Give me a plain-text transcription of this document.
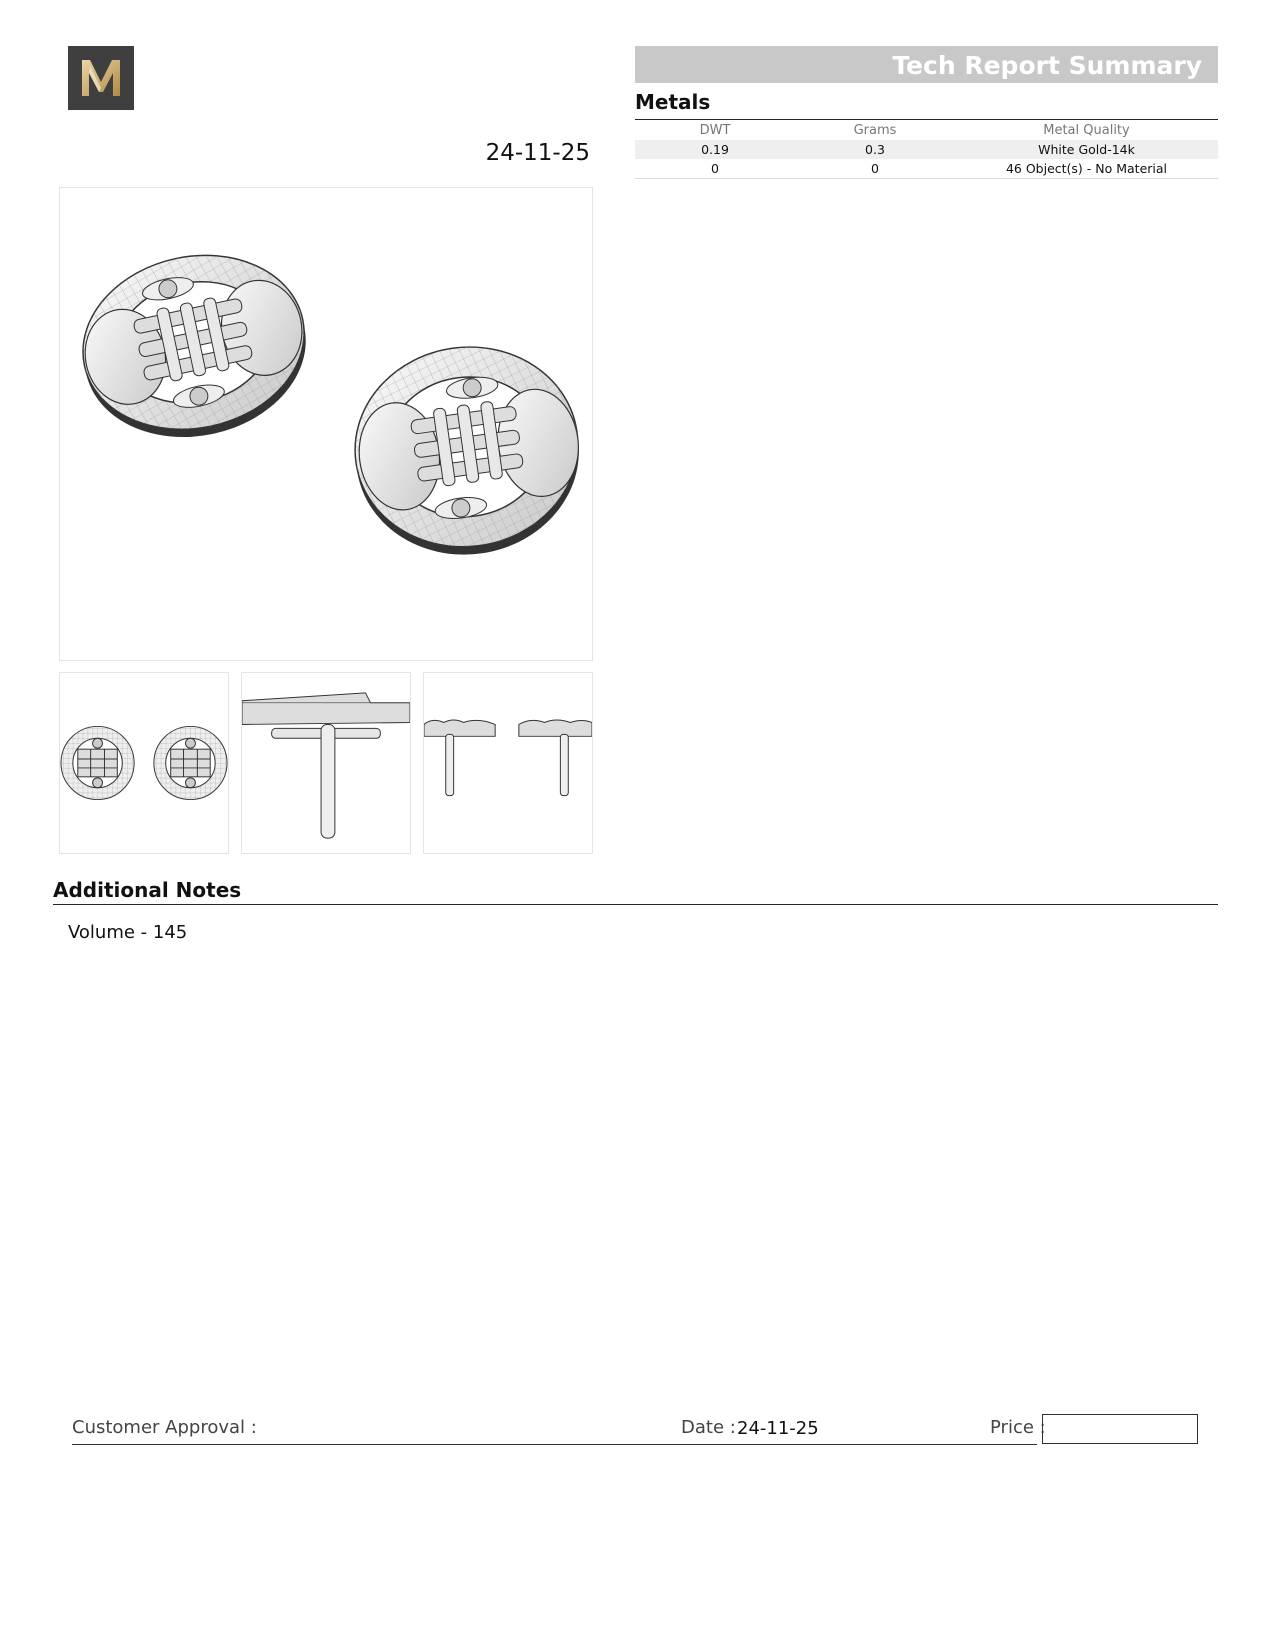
24-11-25
Tech Report Summary
Metals
DWT	Grams	Metal Quality
0.19	0.3	White Gold-14k
0	0	46 Object(s) - No Material
Additional Notes
Volume - 145
Customer Approval :	Date : 24-11-25	Price :
